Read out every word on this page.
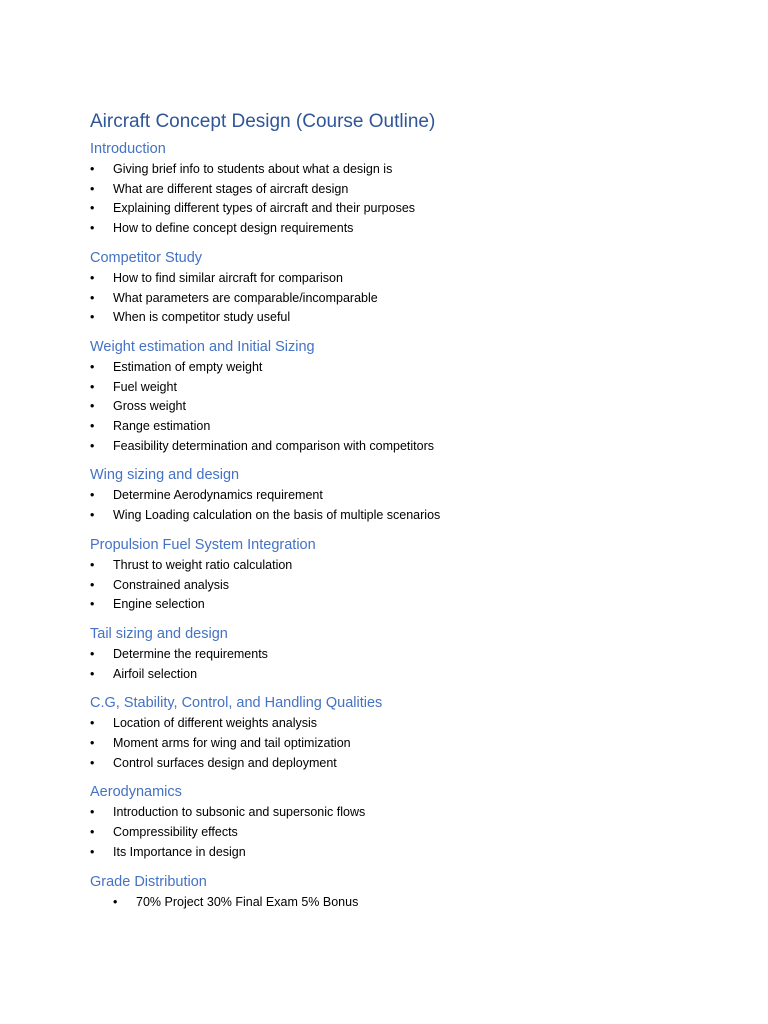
Aircraft Concept Design (Course Outline)
Introduction
• Giving brief info to students about what a design is
• What are different stages of aircraft design
• Explaining different types of aircraft and their purposes
• How to define concept design requirements
Competitor Study
• How to find similar aircraft for comparison
• What parameters are comparable/incomparable
• When is competitor study useful
Weight estimation and Initial Sizing
• Estimation of empty weight
• Fuel weight
• Gross weight
• Range estimation
• Feasibility determination and comparison with competitors
Wing sizing and design
• Determine Aerodynamics requirement
• Wing Loading calculation on the basis of multiple scenarios
Propulsion Fuel System Integration
• Thrust to weight ratio calculation
• Constrained analysis
• Engine selection
Tail sizing and design
• Determine the requirements
• Airfoil selection
C.G, Stability, Control, and Handling Qualities
• Location of different weights analysis
• Moment arms for wing and tail optimization
• Control surfaces design and deployment
Aerodynamics
• Introduction to subsonic and supersonic flows
• Compressibility effects
• Its Importance in design
Grade Distribution
• 70% Project 30% Final Exam 5% Bonus
